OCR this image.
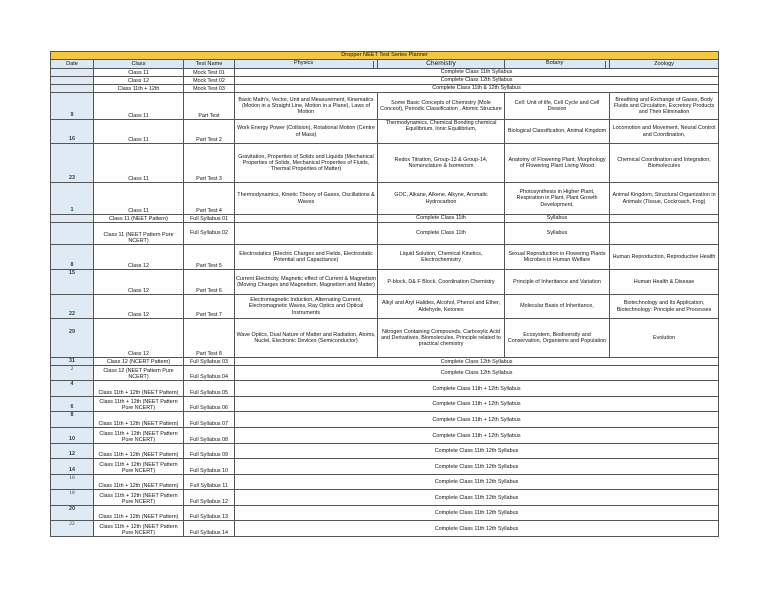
Dropper NEET Test Series Planner						
Date	Class	Test Name	Physics	Chemistry	Botany	Zoology
	Class 11	Mock Test 01	Complete Class 11th Syllabus			
	Class 12	Mock Test 02	Complete Class 12th Syllabus			
	Class 11th + 12th	Mock Test 03	Complete Class 11th & 12th Syllabus			
9	Class 11	Part Test	Basic Math's, Vector, Unit and Measurement, Kinematics (Motion in a Straight Line, Motion in a Plane), Laws of Motion	Some Basic Concepts of Chemistry (Mole Conceot), Periodic Classification , Atomic Structure	Cell: Unit of life, Cell Cycle and Cell Division	Breathing and Exchange of Gases, Body Fluids and Circulation, Excretory Products and Their Elimination
16	Class 11	Part Test 2	Work Energy Power (Collision), Rotational Motion (Centre of Mass)	Thermodynamics, Chemical Bonding chemical Equilibrium, Ionic Equilibrium,	Biological Classification, Animal Kingdom	Locomotion and Movement, Neural Control and Coordination,
23	Class 11	Part Test 3	Gravitation, Properties of Solids and Liquids (Mechanical Properties of Solids, Mechanical Properties of Fluids, Thermal Properties of Matter)	Redox Titration, Group-13 & Group-14, Nomenclature & Isomerism	Anatomy of Flowering Plant, Morphology of Flowering Plant Living Wood	Chemical Coordination and Integration, Biomolecules
1	Class 11	Part Test 4	Thermodynamics, Kinetic Theory of Gases, Oscillations & Waves	GOC, Alkane, Alkene, Alkyne, Aromatic Hydrocarbon	Photosynthesis in Higher Plant, Respiration in Plant, Plant Growth Development,	Animal Kingdom, Structural Organization in Animals (Tissue, Cockroach, Frog)
	Class 11 (NEET Pattern)	Full Syllabus 01		Complete Class 11th	Syllabus	
	Class 11 (NEET Pattern Pure NCERT)	Full Syllabus 02		Complete Class 11th	Syllabus	
8	Class 12	Part Test 5	Electrostatics (Electric Charges and Fields, Electrostatic Potential and Capacitance)	Liquid Solution, Chemical Kinetics, Electrochemistry	Sexual Reproduction in Flowering Plants Microbes in Human Welfare	Human Reproduction, Reproductive Health
15	Class 12	Part Test 6	Current Electricity, Magnetic effect of Current & Magnetism (Moving Charges and Magnetism, Magnetism and Matter)	P-block, D& F Block, Coordination Chemistry	Principle of Inheritance and Variation	Human Health & Disease
22	Class 12	Part Test 7	Electromagnetic Induction, Alternating Current, Electromagnetic Waves, Ray Optics and Optical Instruments	Alkyl and Aryl Halides, Alcohol, Phenol and Ether, Aldehyde, Ketones	Molecular Basis of Inheritance,	Biotechnology and Its Application, Biotechnology: Principle and Processes
29	Class 12	Part Test 8	Wave Optics, Dual Nature of Matter and Radiation, Atoms, Nuclei, Electronic Devices (Semiconductor)	Nitrogen Containing Compounds, Carboxylic Acid and Derivatives, Biomolecules, Principle related to practical chemistry	Ecosystem, Biodiversity and Conservation, Organisms and Population	Evolution
31	Class 12 (NCERT Pattern)	Full Syllabus 03	Complete Class 12th Syllabus			
2	Class 12 (NEET Pattern Pure NCERT)	Full Syllabus 04	Complete Class 12th Syllabus			
4	Class 11th + 12th (NEET Pattern)	Full Syllabus 05	Complete Class 11th + 12th Syllabus			
6	Class 11th + 12th (NEET Pattern Pure NCERT)	Full Syllabus 06	Complete Class 11th + 12th Syllabus			
8	Class 11th + 12th (NEET Pattern)	Full Syllabus 07	Complete Class 11th + 12th Syllabus			
10	Class 11th + 12th (NEET Pattern Pure NCERT)	Full Syllabus 08	Complete Class 11th + 12th Syllabus			
12	Class 11th + 12th (NEET Pattern)	Full Syllabus 09	Complete Class 11th 12th Syllabus			
14	Class 11th + 12th (NEET Pattern Pure NCERT)	Full Syllabus 10	Complete Class 11th 12th Syllabus			
16	Class 11th + 12th (NEET Pattern)	Full Syllabus 11	Complete Class 11th 12th Syllabus			
18	Class 11th + 12th (NEET Pattern Pure NCERT)	Full Syllabus 12	Complete Class 11th 12th Syllabus			
20	Class 11th + 12th (NEET Pattern)	Full Syllabus 13	Complete Class 11th 12th Syllabus			
22	Class 11th + 12th (NEET Pattern Pure NCERT)	Full Syllabus 14	Complete Class 11th 12th Syllabus			
